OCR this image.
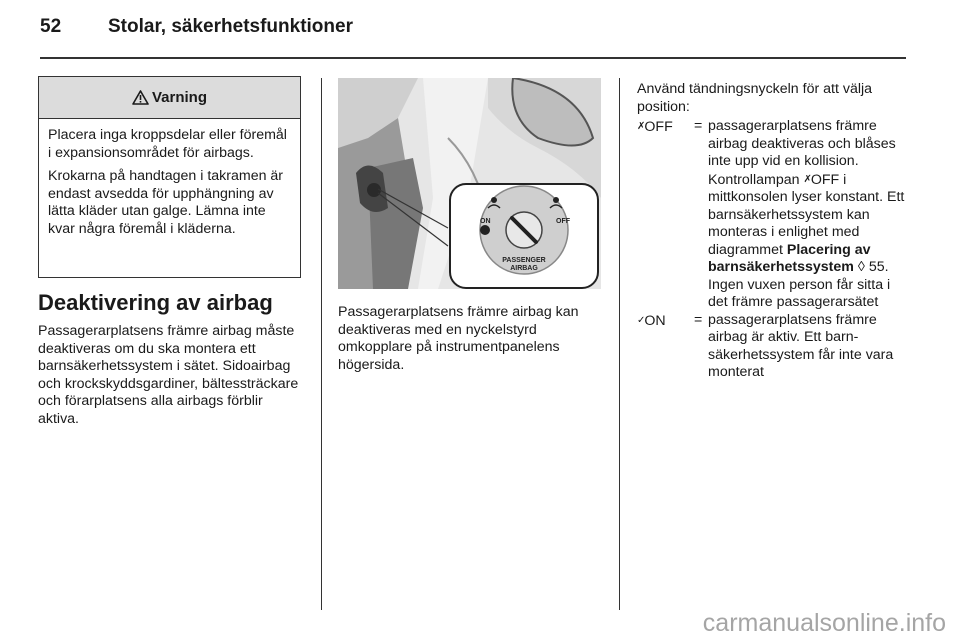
52 Stolar, säkerhetsfunktioner
Varning

Placera inga kroppsdelar eller föremål i expansionsområdet för airbags.

Krokarna på handtagen i takramen är endast avsedda för upphängning av lätta kläder utan galge. Lämna inte kvar några föremål i kläderna.

Deaktivering av airbag

Passagerarplatsens främre airbag måste deaktiveras om du ska montera ett barnsäkerhetssystem i sätet. Sidoairbag och krockskyddsgardiner, bältessträckare och förarplatsens alla airbags förblir aktiva.

ON	OFF
PASSENGER
AIRBAG

Passagerarplatsens främre airbag kan deaktiveras med en nyckelstyrd omkopplare på instrumentpanelens högersida.

Använd tändningsnyckeln för att välja position:

✗OFF	= passagerarplatsens främre airbag deaktiveras och blåses inte upp vid en kollision. Kontrollampan ✗OFF i mittkonsolen lyser konstant. Ett barnsäkerhetssystem kan monteras i enlighet med diagrammet Placering av barnsäkerhetssystem ◊ 55. Ingen vuxen person får sitta i det främre passagerarsätet
✓ON	= passagerarplatsens främre airbag är aktiv. Ett barnsäkerhetssystem får inte vara monterat
carmanualsonline.info
